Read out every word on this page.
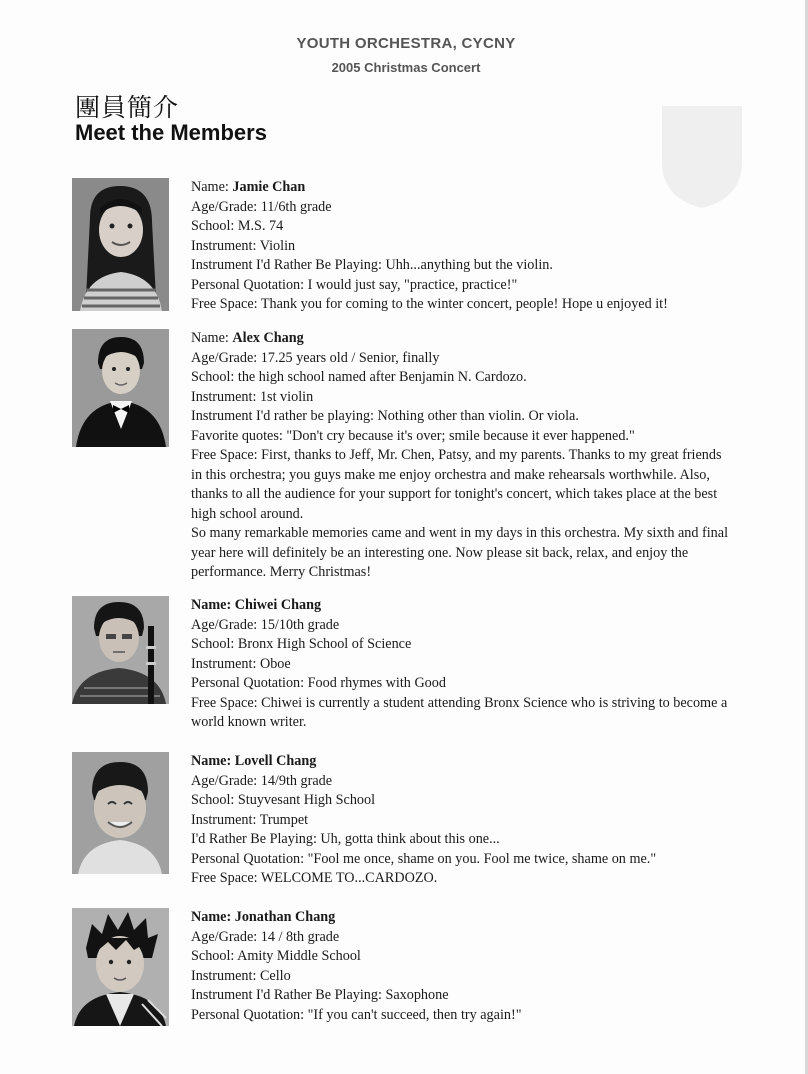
YOUTH ORCHESTRA, CYCNY
2005 Christmas Concert
團員簡介
Meet the Members
Name: Jamie Chan
Age/Grade: 11/6th grade
School: M.S. 74
Instrument: Violin
Instrument I'd Rather Be Playing: Uhh...anything but the violin.
Personal Quotation: I would just say, "practice, practice!"
Free Space: Thank you for coming to the winter concert, people! Hope u enjoyed it!
Name: Alex Chang
Age/Grade: 17.25 years old / Senior, finally
School: the high school named after Benjamin N. Cardozo.
Instrument: 1st violin
Instrument I'd rather be playing: Nothing other than violin. Or viola.
Favorite quotes: "Don't cry because it's over; smile because it ever happened."
Free Space: First, thanks to Jeff, Mr. Chen, Patsy, and my parents. Thanks to my great friends
in this orchestra; you guys make me enjoy orchestra and make rehearsals worthwhile. Also,
thanks to all the audience for your support for tonight's concert, which takes place at the best
high school around.
So many remarkable memories came and went in my days in this orchestra. My sixth and final
year here will definitely be an interesting one. Now please sit back, relax, and enjoy the
performance. Merry Christmas!
Name: Chiwei Chang
Age/Grade: 15/10th grade
School: Bronx High School of Science
Instrument: Oboe
Personal Quotation: Food rhymes with Good
Free Space: Chiwei is currently a student attending Bronx Science who is striving to become a
world known writer.
Name: Lovell Chang
Age/Grade: 14/9th grade
School: Stuyvesant High School
Instrument: Trumpet
I'd Rather Be Playing: Uh, gotta think about this one...
Personal Quotation: "Fool me once, shame on you. Fool me twice, shame on me."
Free Space: WELCOME TO...CARDOZO.
Name: Jonathan Chang
Age/Grade: 14 / 8th grade
School: Amity Middle School
Instrument: Cello
Instrument I'd Rather Be Playing: Saxophone
Personal Quotation: "If you can't succeed, then try again!"
